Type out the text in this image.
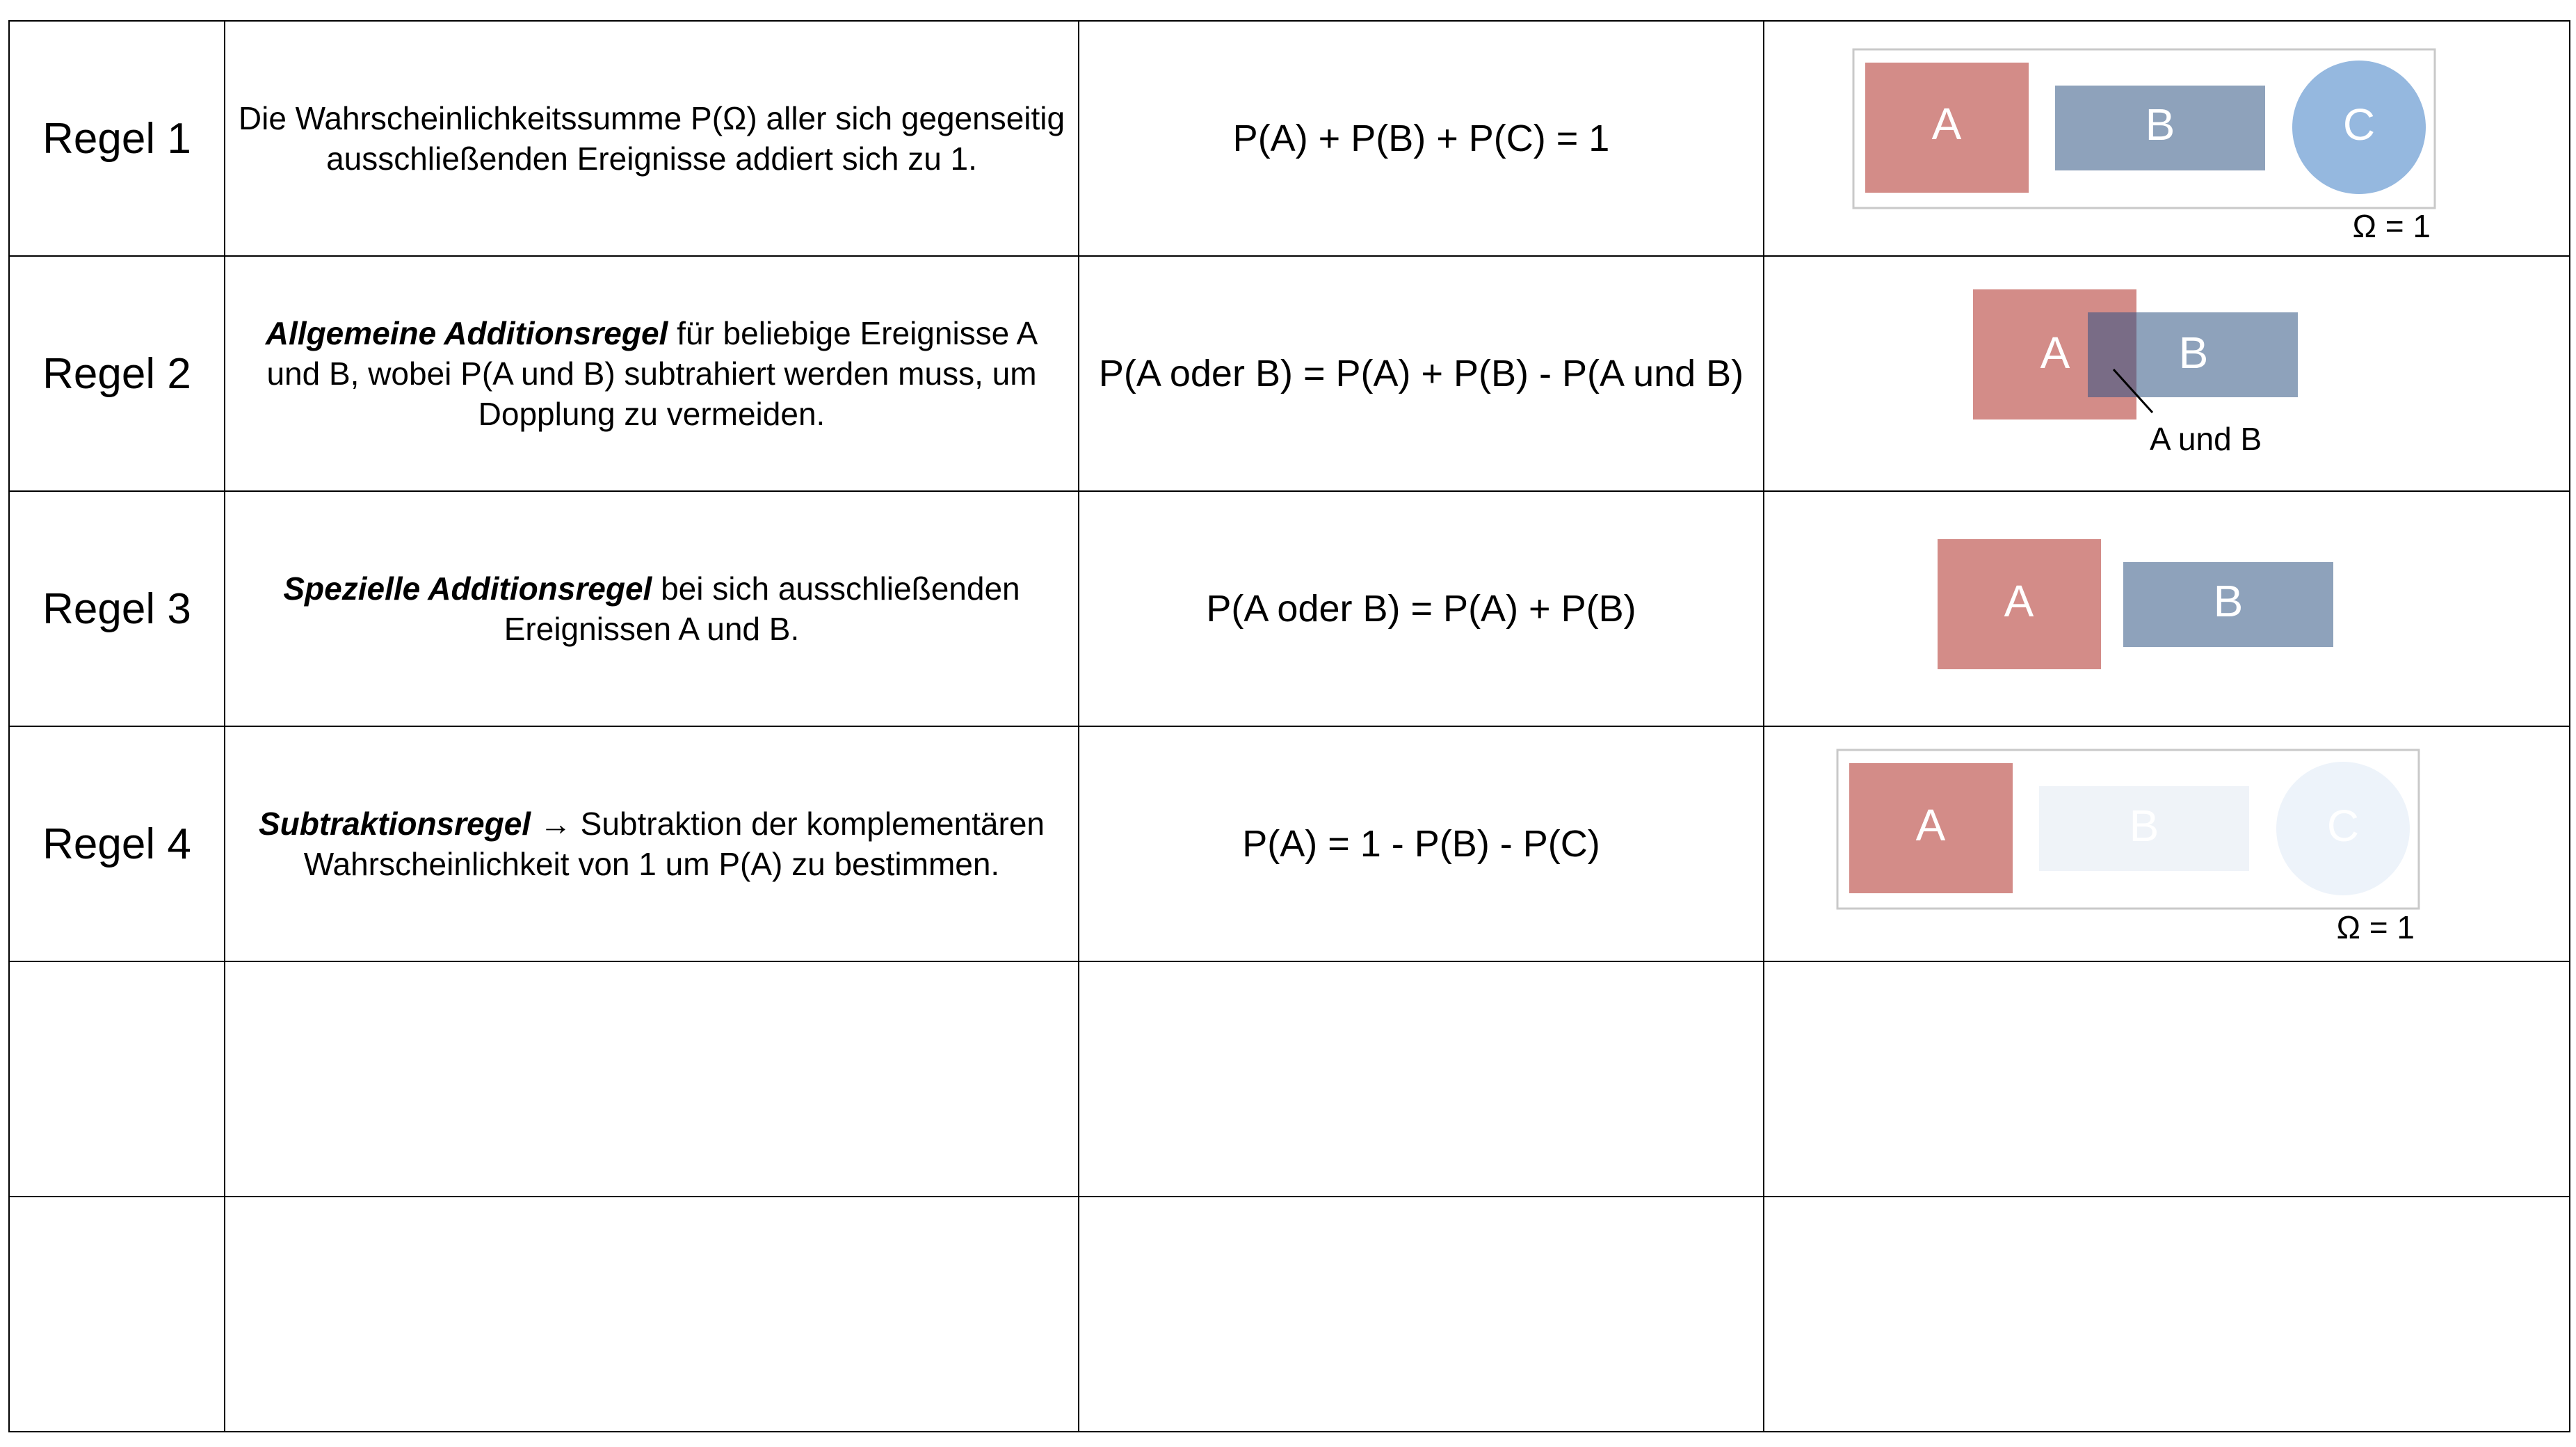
Regel 1	Die Wahrscheinlichkeitssumme P(Ω) aller sich gegenseitig ausschließenden Ereignisse addiert sich zu 1.	P(A) + P(B) + P(C) = 1	A B C
Ω = 1

Regel 2	Allgemeine Additionsregel für beliebige Ereignisse A und B, wobei P(A und B) subtrahiert werden muss, um Dopplung zu vermeiden.	P(A oder B) = P(A) + P(B) - P(A und B)	A B
A und B

Regel 3	Spezielle Additionsregel bei sich ausschließenden Ereignissen A und B.	P(A oder B) = P(A) + P(B)	A B

Regel 4	Subtraktionsregel → Subtraktion der komplementären Wahrscheinlichkeit von 1 um P(A) zu bestimmen.	P(A) = 1 - P(B) - P(C)	A B C
Ω = 1
